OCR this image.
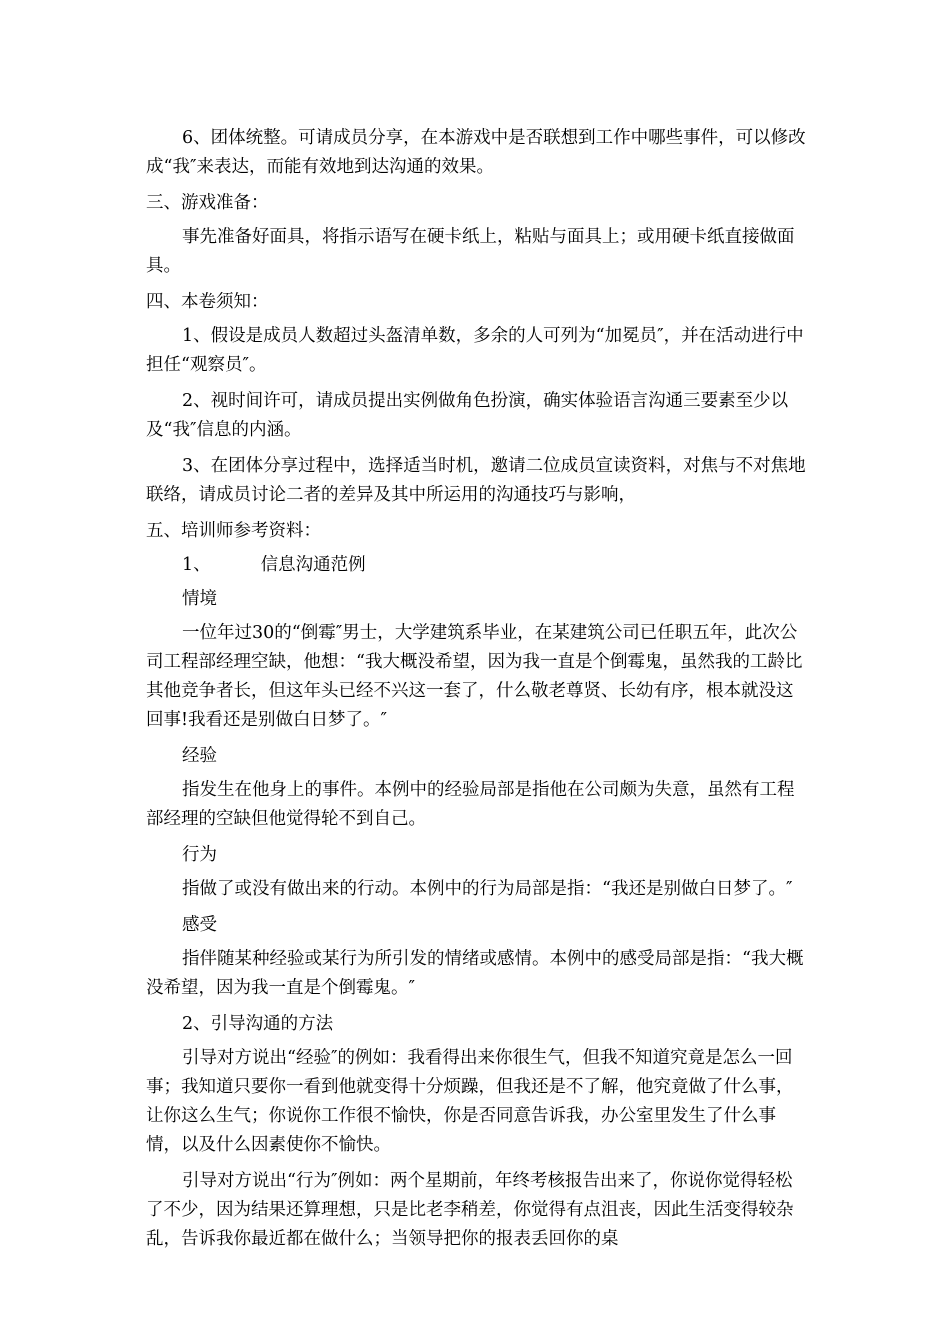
6、团体统整。可请成员分享，在本游戏中是否联想到工作中哪些事件，可以修改成“我″来表达，而能有效地到达沟通的效果。

三、游戏准备：

事先准备好面具，将指示语写在硬卡纸上，粘贴与面具上；或用硬卡纸直接做面具。

四、本卷须知：

1、假设是成员人数超过头盔清单数，多余的人可列为“加冕员″，并在活动进行中担任“观察员″。

2、视时间许可，请成员提出实例做角色扮演，确实体验语言沟通三要素至少以及“我″信息的内涵。

3、在团体分享过程中，选择适当时机，邀请二位成员宣读资料，对焦与不对焦地联络，请成员讨论二者的差异及其中所运用的沟通技巧与影响，

五、培训师参考资料：

1、	信息沟通范例

情境

一位年过30的“倒霉″男士，大学建筑系毕业，在某建筑公司已任职五年，此次公司工程部经理空缺，他想：“我大概没希望，因为我一直是个倒霉鬼，虽然我的工龄比其他竞争者长，但这年头已经不兴这一套了，什么敬老尊贤、长幼有序，根本就没这回事!我看还是别做白日梦了。″

经验

指发生在他身上的事件。本例中的经验局部是指他在公司颇为失意，虽然有工程部经理的空缺但他觉得轮不到自己。

行为

指做了或没有做出来的行动。本例中的行为局部是指：“我还是别做白日梦了。″

感受

指伴随某种经验或某行为所引发的情绪或感情。本例中的感受局部是指：“我大概没希望，因为我一直是个倒霉鬼。″

2、引导沟通的方法

引导对方说出“经验″的例如：我看得出来你很生气，但我不知道究竟是怎么一回事；我知道只要你一看到他就变得十分烦躁，但我还是不了解，他究竟做了什么事，让你这么生气；你说你工作很不愉快，你是否同意告诉我，办公室里发生了什么事情，以及什么因素使你不愉快。

引导对方说出“行为″例如：两个星期前，年终考核报告出来了，你说你觉得轻松了不少，因为结果还算理想，只是比老李稍差，你觉得有点沮丧，因此生活变得较杂乱，告诉我你最近都在做什么；当领导把你的报表丢回你的桌
